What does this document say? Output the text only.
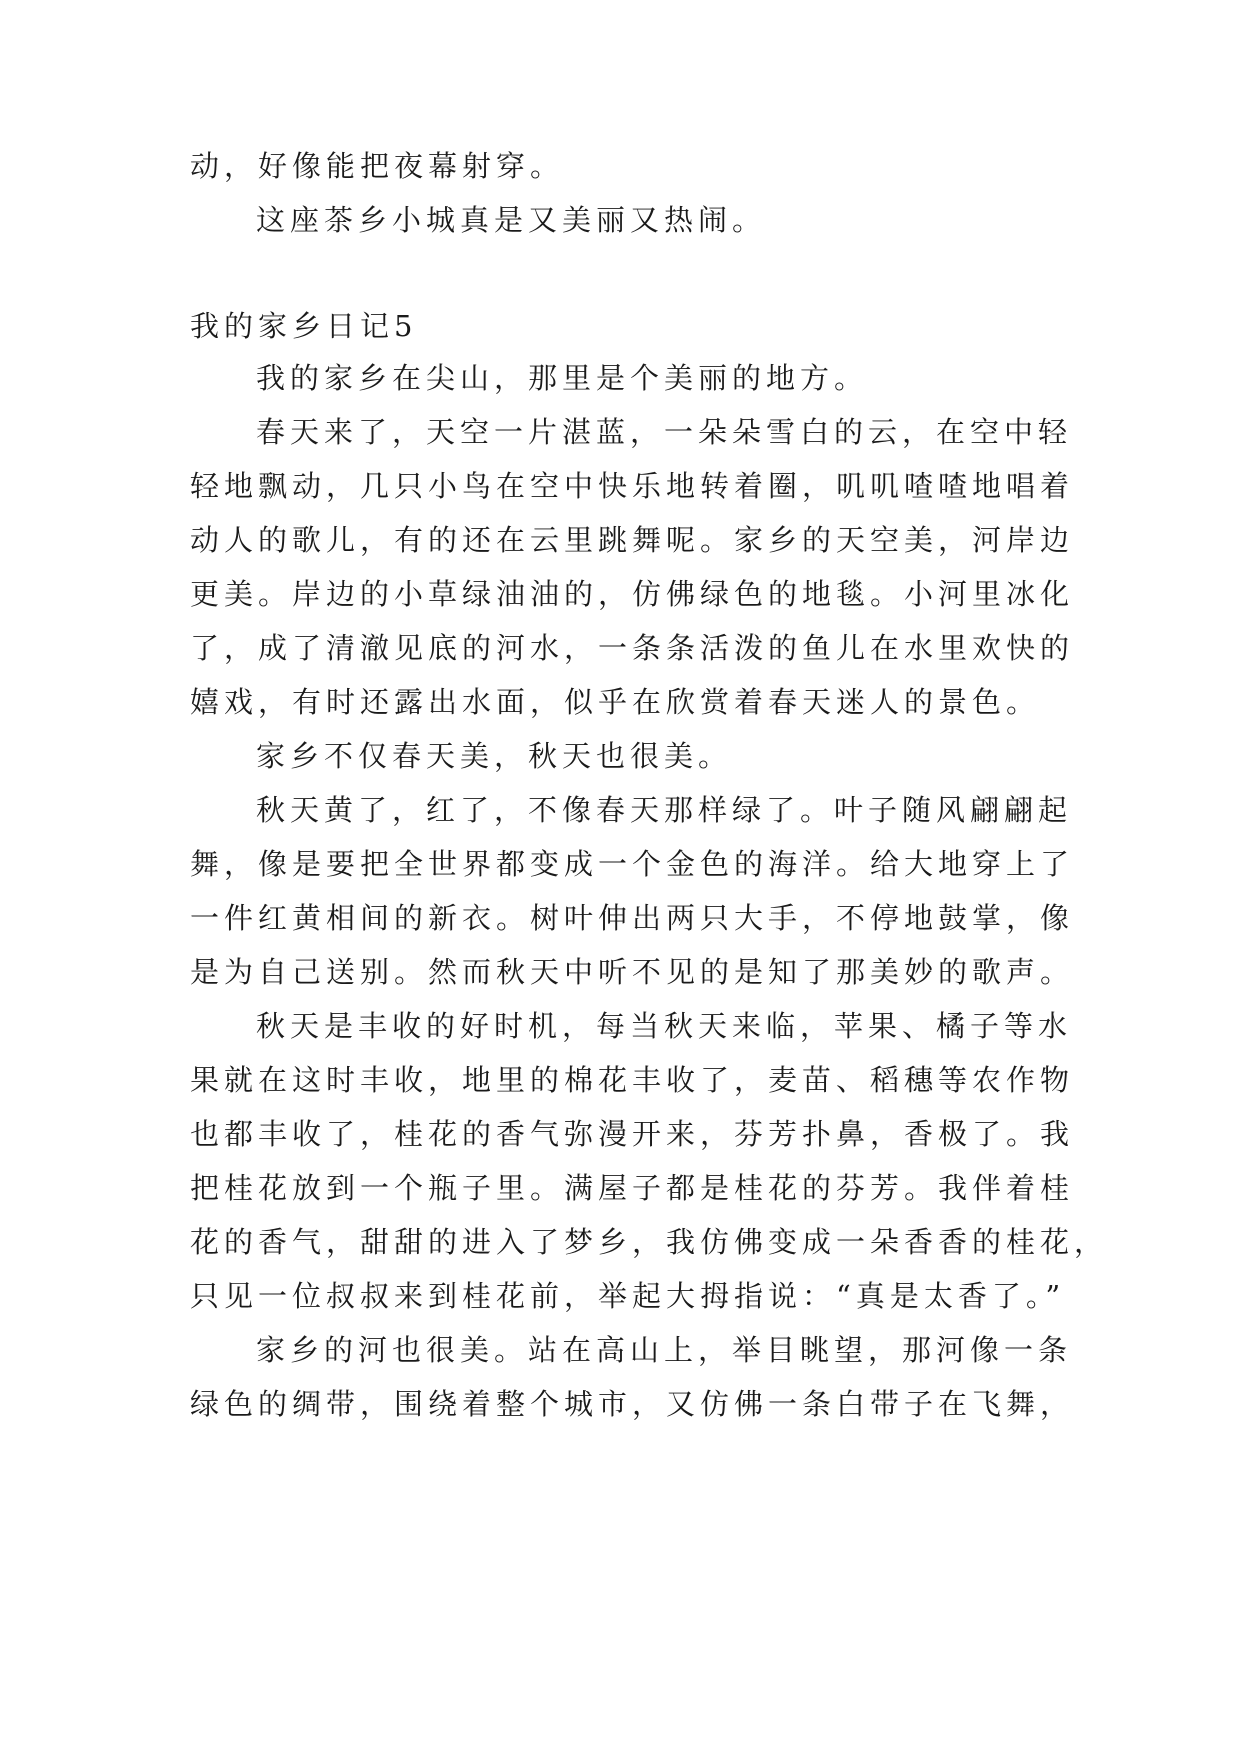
动，好像能把夜幕射穿。
这座茶乡小城真是又美丽又热闹。
我的家乡日记5
我的家乡在尖山，那里是个美丽的地方。
春天来了，天空一片湛蓝，一朵朵雪白的云，在空中轻
轻地飘动，几只小鸟在空中快乐地转着圈，叽叽喳喳地唱着
动人的歌儿，有的还在云里跳舞呢。家乡的天空美，河岸边
更美。岸边的小草绿油油的，仿佛绿色的地毯。小河里冰化
了，成了清澈见底的河水，一条条活泼的鱼儿在水里欢快的
嬉戏，有时还露出水面，似乎在欣赏着春天迷人的景色。
家乡不仅春天美，秋天也很美。
秋天黄了，红了，不像春天那样绿了。叶子随风翩翩起
舞，像是要把全世界都变成一个金色的海洋。给大地穿上了
一件红黄相间的新衣。树叶伸出两只大手，不停地鼓掌，像
是为自己送别。然而秋天中听不见的是知了那美妙的歌声。
秋天是丰收的好时机，每当秋天来临，苹果、橘子等水
果就在这时丰收，地里的棉花丰收了，麦苗、稻穗等农作物
也都丰收了，桂花的香气弥漫开来，芬芳扑鼻，香极了。我
把桂花放到一个瓶子里。满屋子都是桂花的芬芳。我伴着桂
花的香气，甜甜的进入了梦乡，我仿佛变成一朵香香的桂花，
只见一位叔叔来到桂花前，举起大拇指说：“真是太香了。”
家乡的河也很美。站在高山上，举目眺望，那河像一条
绿色的绸带，围绕着整个城市，又仿佛一条白带子在飞舞，
